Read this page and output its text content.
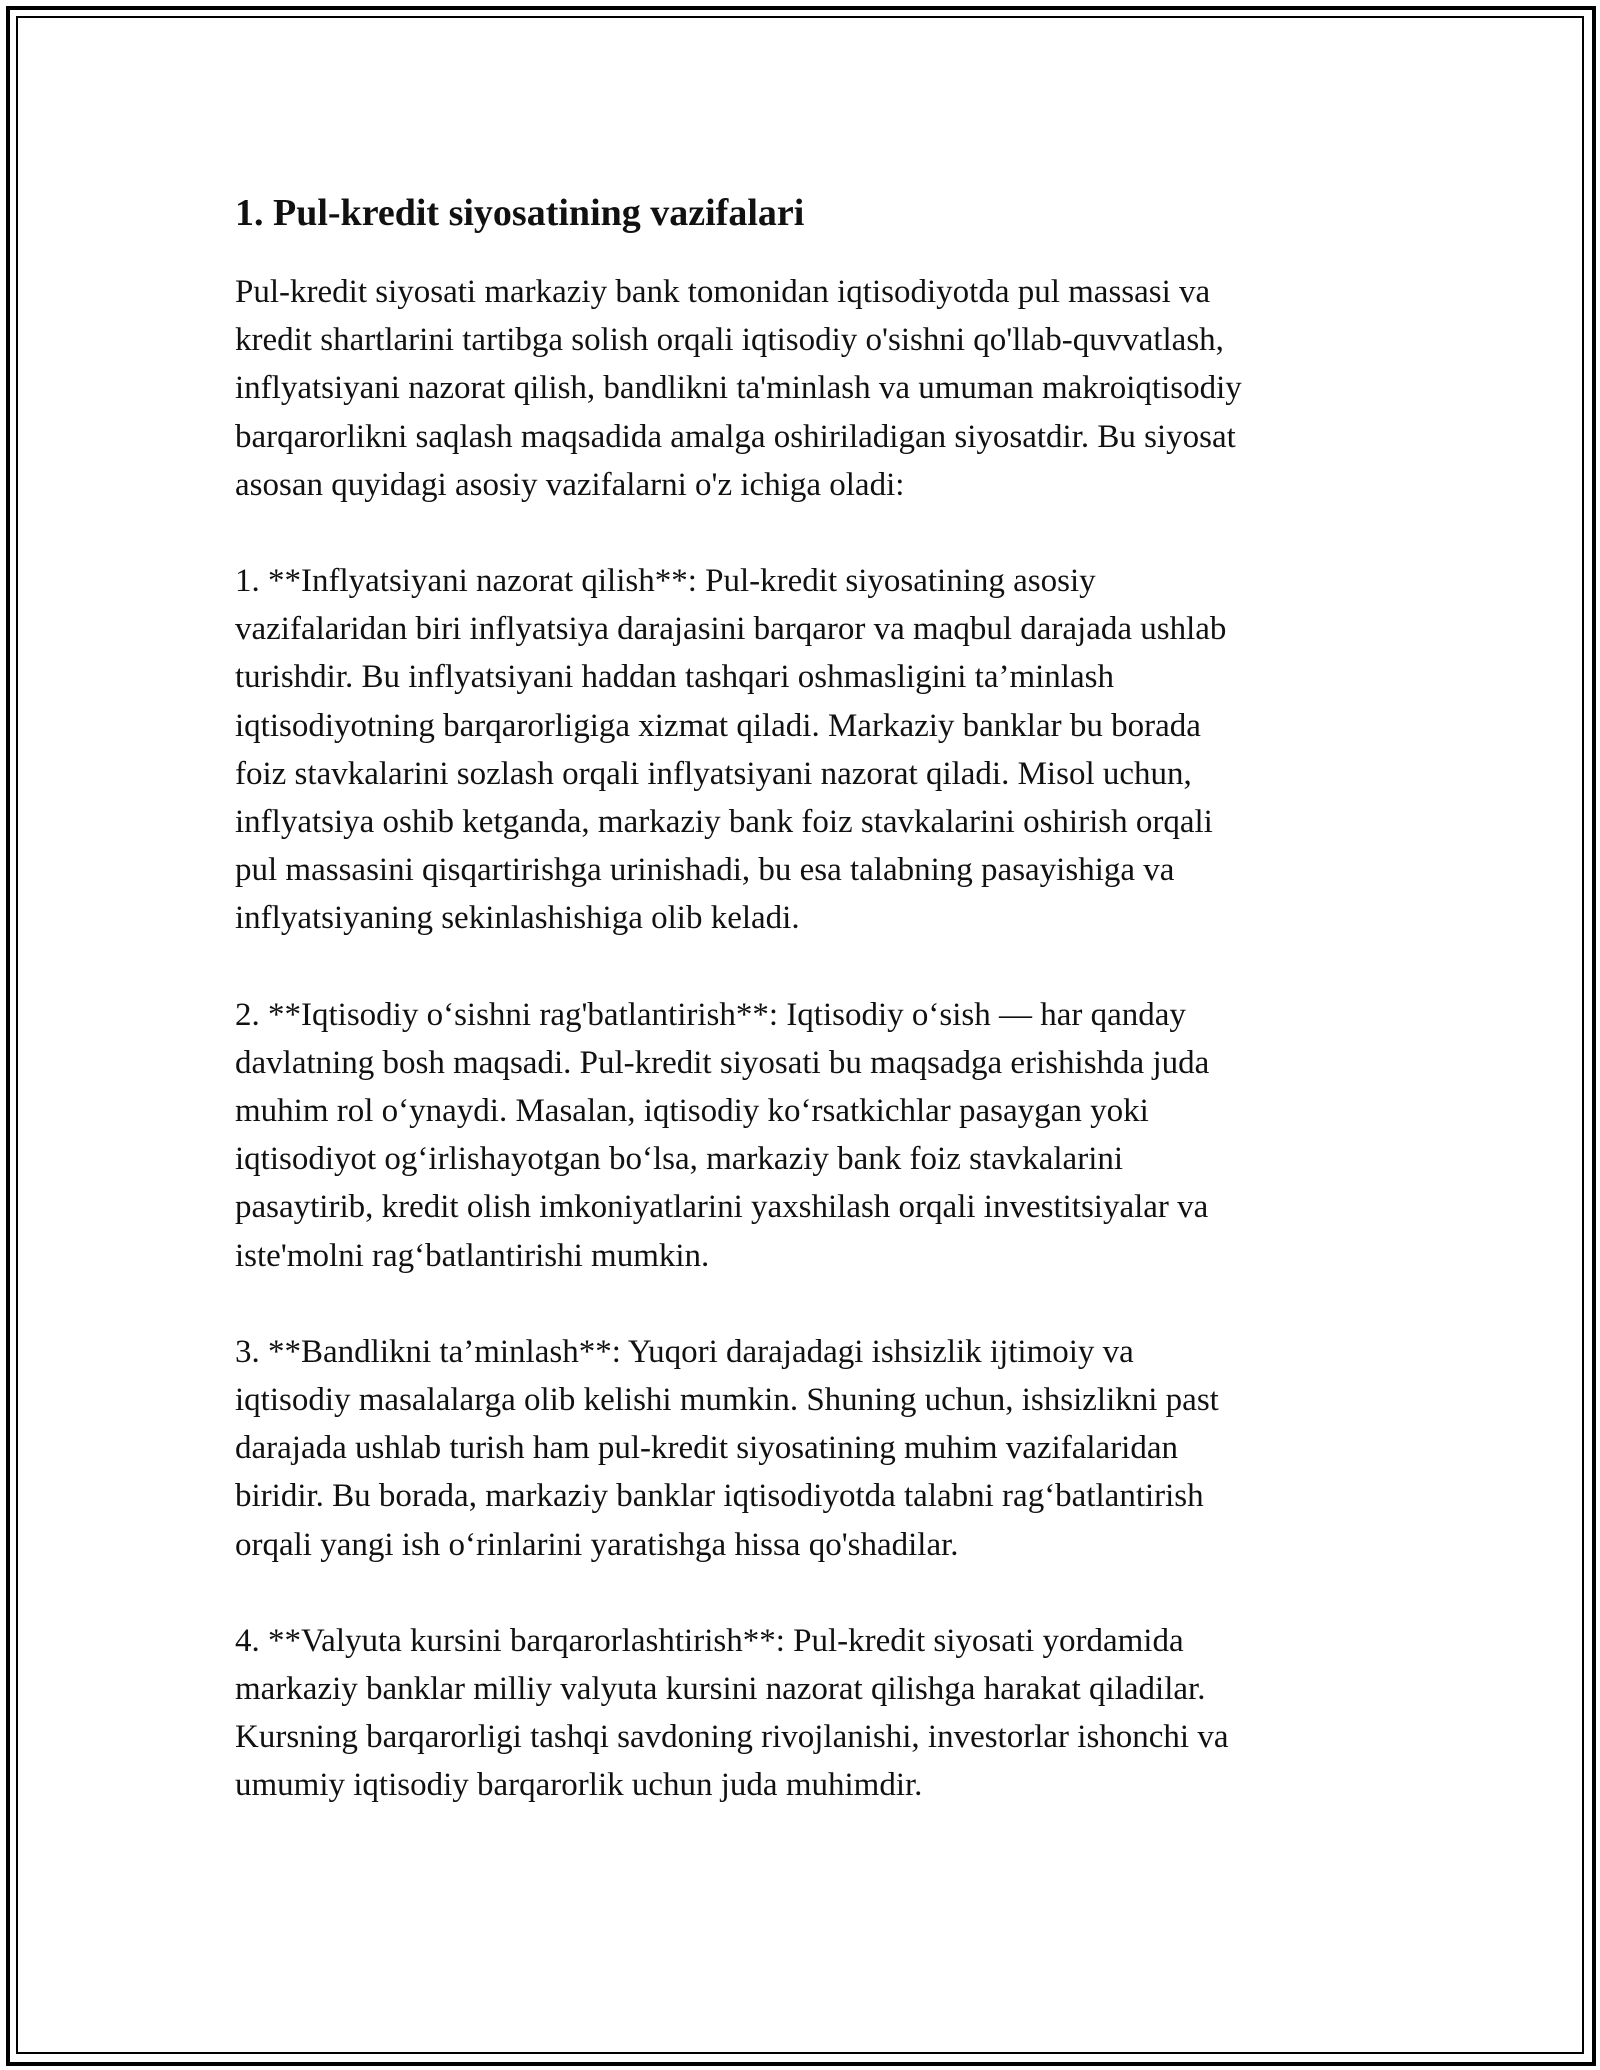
1. Pul-kredit siyosatining vazifalari
Pul-kredit siyosati markaziy bank tomonidan iqtisodiyotda pul massasi va
kredit shartlarini tartibga solish orqali iqtisodiy o'sishni qo'llab-quvvatlash,
inflyatsiyani nazorat qilish, bandlikni ta'minlash va umuman makroiqtisodiy
barqarorlikni saqlash maqsadida amalga oshiriladigan siyosatdir. Bu siyosat
asosan quyidagi asosiy vazifalarni o'z ichiga oladi:
1. **Inflyatsiyani nazorat qilish**: Pul-kredit siyosatining asosiy
vazifalaridan biri inflyatsiya darajasini barqaror va maqbul darajada ushlab
turishdir. Bu inflyatsiyani haddan tashqari oshmasligini ta’minlash
iqtisodiyotning barqarorligiga xizmat qiladi. Markaziy banklar bu borada
foiz stavkalarini sozlash orqali inflyatsiyani nazorat qiladi. Misol uchun,
inflyatsiya oshib ketganda, markaziy bank foiz stavkalarini oshirish orqali
pul massasini qisqartirishga urinishadi, bu esa talabning pasayishiga va
inflyatsiyaning sekinlashishiga olib keladi.
2. **Iqtisodiy o‘sishni rag'batlantirish**: Iqtisodiy o‘sish — har qanday
davlatning bosh maqsadi. Pul-kredit siyosati bu maqsadga erishishda juda
muhim rol o‘ynaydi. Masalan, iqtisodiy ko‘rsatkichlar pasaygan yoki
iqtisodiyot og‘irlishayotgan bo‘lsa, markaziy bank foiz stavkalarini
pasaytirib, kredit olish imkoniyatlarini yaxshilash orqali investitsiyalar va
iste'molni rag‘batlantirishi mumkin.
3. **Bandlikni ta’minlash**: Yuqori darajadagi ishsizlik ijtimoiy va
iqtisodiy masalalarga olib kelishi mumkin. Shuning uchun, ishsizlikni past
darajada ushlab turish ham pul-kredit siyosatining muhim vazifalaridan
biridir. Bu borada, markaziy banklar iqtisodiyotda talabni rag‘batlantirish
orqali yangi ish o‘rinlarini yaratishga hissa qo'shadilar.
4. **Valyuta kursini barqarorlashtirish**: Pul-kredit siyosati yordamida
markaziy banklar milliy valyuta kursini nazorat qilishga harakat qiladilar.
Kursning barqarorligi tashqi savdoning rivojlanishi, investorlar ishonchi va
umumiy iqtisodiy barqarorlik uchun juda muhimdir.
